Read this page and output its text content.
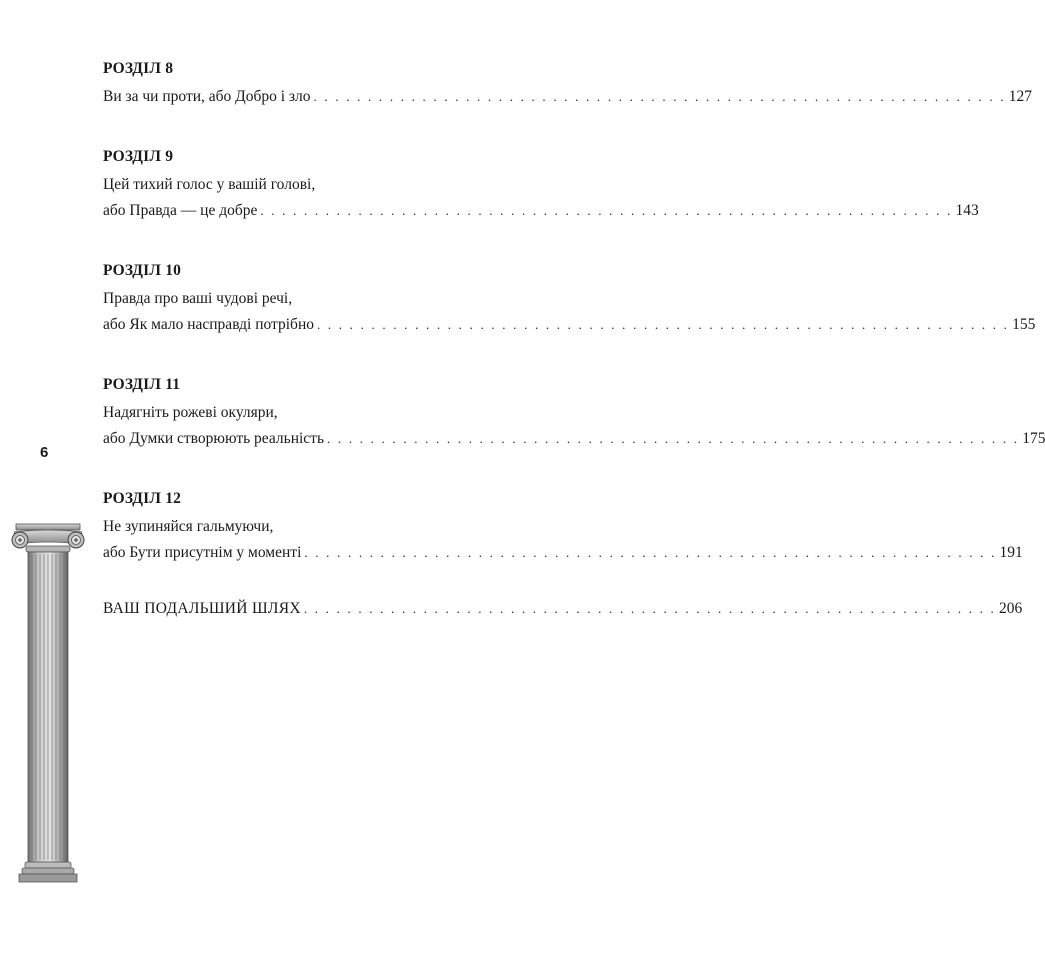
РОЗДІЛ 8
Ви за чи проти, або Добро і зло . . . . . . . . . . . . . . . . . . . . . . . . . . . . . . . . . . . . . . . . . . . . . . . . . . . . . . . . . . . . . . . . 127
РОЗДІЛ 9
Цей тихий голос у вашій голові,
або Правда — це добре . . . . . . . . . . . . . . . . . . . . . . . . . . . . . . . . . . . . . . . . . . . . . . . . . . . . . . . . . . . . . . . . 143
РОЗДІЛ 10
Правда про ваші чудові речі,
або Як мало насправді потрібно . . . . . . . . . . . . . . . . . . . . . . . . . . . . . . . . . . . . . . . . . . . . . . . . . . . . . . . . . . . . . . . . 155
РОЗДІЛ 11
Надягніть рожеві окуляри,
або Думки створюють реальність . . . . . . . . . . . . . . . . . . . . . . . . . . . . . . . . . . . . . . . . . . . . . . . . . . . . . . . . . . . . . . . . 175
РОЗДІЛ 12
Не зупиняйся гальмуючи,
або Бути присутнім у моменті . . . . . . . . . . . . . . . . . . . . . . . . . . . . . . . . . . . . . . . . . . . . . . . . . . . . . . . . . . . . . . . . 191
ВАШ ПОДАЛЬШИЙ ШЛЯХ . . . . . . . . . . . . . . . . . . . . . . . . . . . . . . . . . . . . . . . . . . . . . . . . . . . . . . . . . . . . . . . . 206
6
